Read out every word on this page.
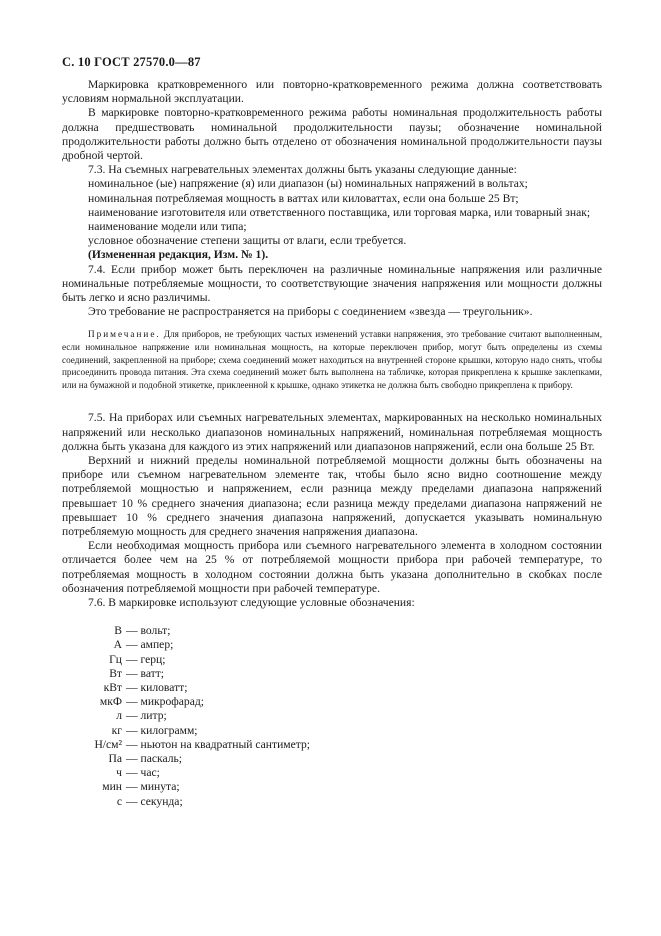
С. 10 ГОСТ 27570.0—87

Маркировка кратковременного или повторно-кратковременного режима должна соответствовать условиям нормальной эксплуатации.

В маркировке повторно-кратковременного режима работы номинальная продолжительность работы должна предшествовать номинальной продолжительности паузы; обозначение номинальной продолжительности работы должно быть отделено от обозначения номинальной продолжительности паузы дробной чертой.

7.3. На съемных нагревательных элементах должны быть указаны следующие данные:

номинальное (ые) напряжение (я) или диапазон (ы) номинальных напряжений в вольтах;

номинальная потребляемая мощность в ваттах или киловаттах, если она больше 25 Вт;

наименование изготовителя или ответственного поставщика, или торговая марка, или товарный знак;

наименование модели или типа;

условное обозначение степени защиты от влаги, если требуется.

(Измененная редакция, Изм. № 1).

7.4. Если прибор может быть переключен на различные номинальные напряжения или различные номинальные потребляемые мощности, то соответствующие значения напряжения или мощности должны быть легко и ясно различимы.

Это требование не распространяется на приборы с соединением «звезда — треугольник».

Примечание. Для приборов, не требующих частых изменений уставки напряжения, это требование считают выполненным, если номинальное напряжение или номинальная мощность, на которые переключен прибор, могут быть определены из схемы соединений, закрепленной на приборе; схема соединений может находиться на внутренней стороне крышки, которую надо снять, чтобы присоединить провода питания. Эта схема соединений может быть выполнена на табличке, которая прикреплена к крышке заклепками, или на бумажной и подобной этикетке, приклеенной к крышке, однако этикетка не должна быть свободно прикреплена к прибору.

7.5. На приборах или съемных нагревательных элементах, маркированных на несколько номинальных напряжений или несколько диапазонов номинальных напряжений, номинальная потребляемая мощность должна быть указана для каждого из этих напряжений или диапазонов напряжений, если она больше 25 Вт.

Верхний и нижний пределы номинальной потребляемой мощности должны быть обозначены на приборе или съемном нагревательном элементе так, чтобы было ясно видно соотношение между потребляемой мощностью и напряжением, если разница между пределами диапазона напряжений превышает 10 % среднего значения диапазона; если разница между пределами диапазона напряжений не превышает 10 % среднего значения диапазона напряжений, допускается указывать номинальную потребляемую мощность для среднего значения напряжения диапазона.

Если необходимая мощность прибора или съемного нагревательного элемента в холодном состоянии отличается более чем на 25 % от потребляемой мощности прибора при рабочей температуре, то потребляемая мощность в холодном состоянии должна быть указана дополнительно в скобках после обозначения потребляемой мощности при рабочей температуре.

7.6. В маркировке используют следующие условные обозначения:

В — вольт;
А — ампер;
Гц — герц;
Вт — ватт;
кВт — киловатт;
мкФ — микрофарад;
л — литр;
кг — килограмм;
Н/см² — ньютон на квадратный сантиметр;
Па — паскаль;
ч — час;
мин — минута;
с — секунда;
